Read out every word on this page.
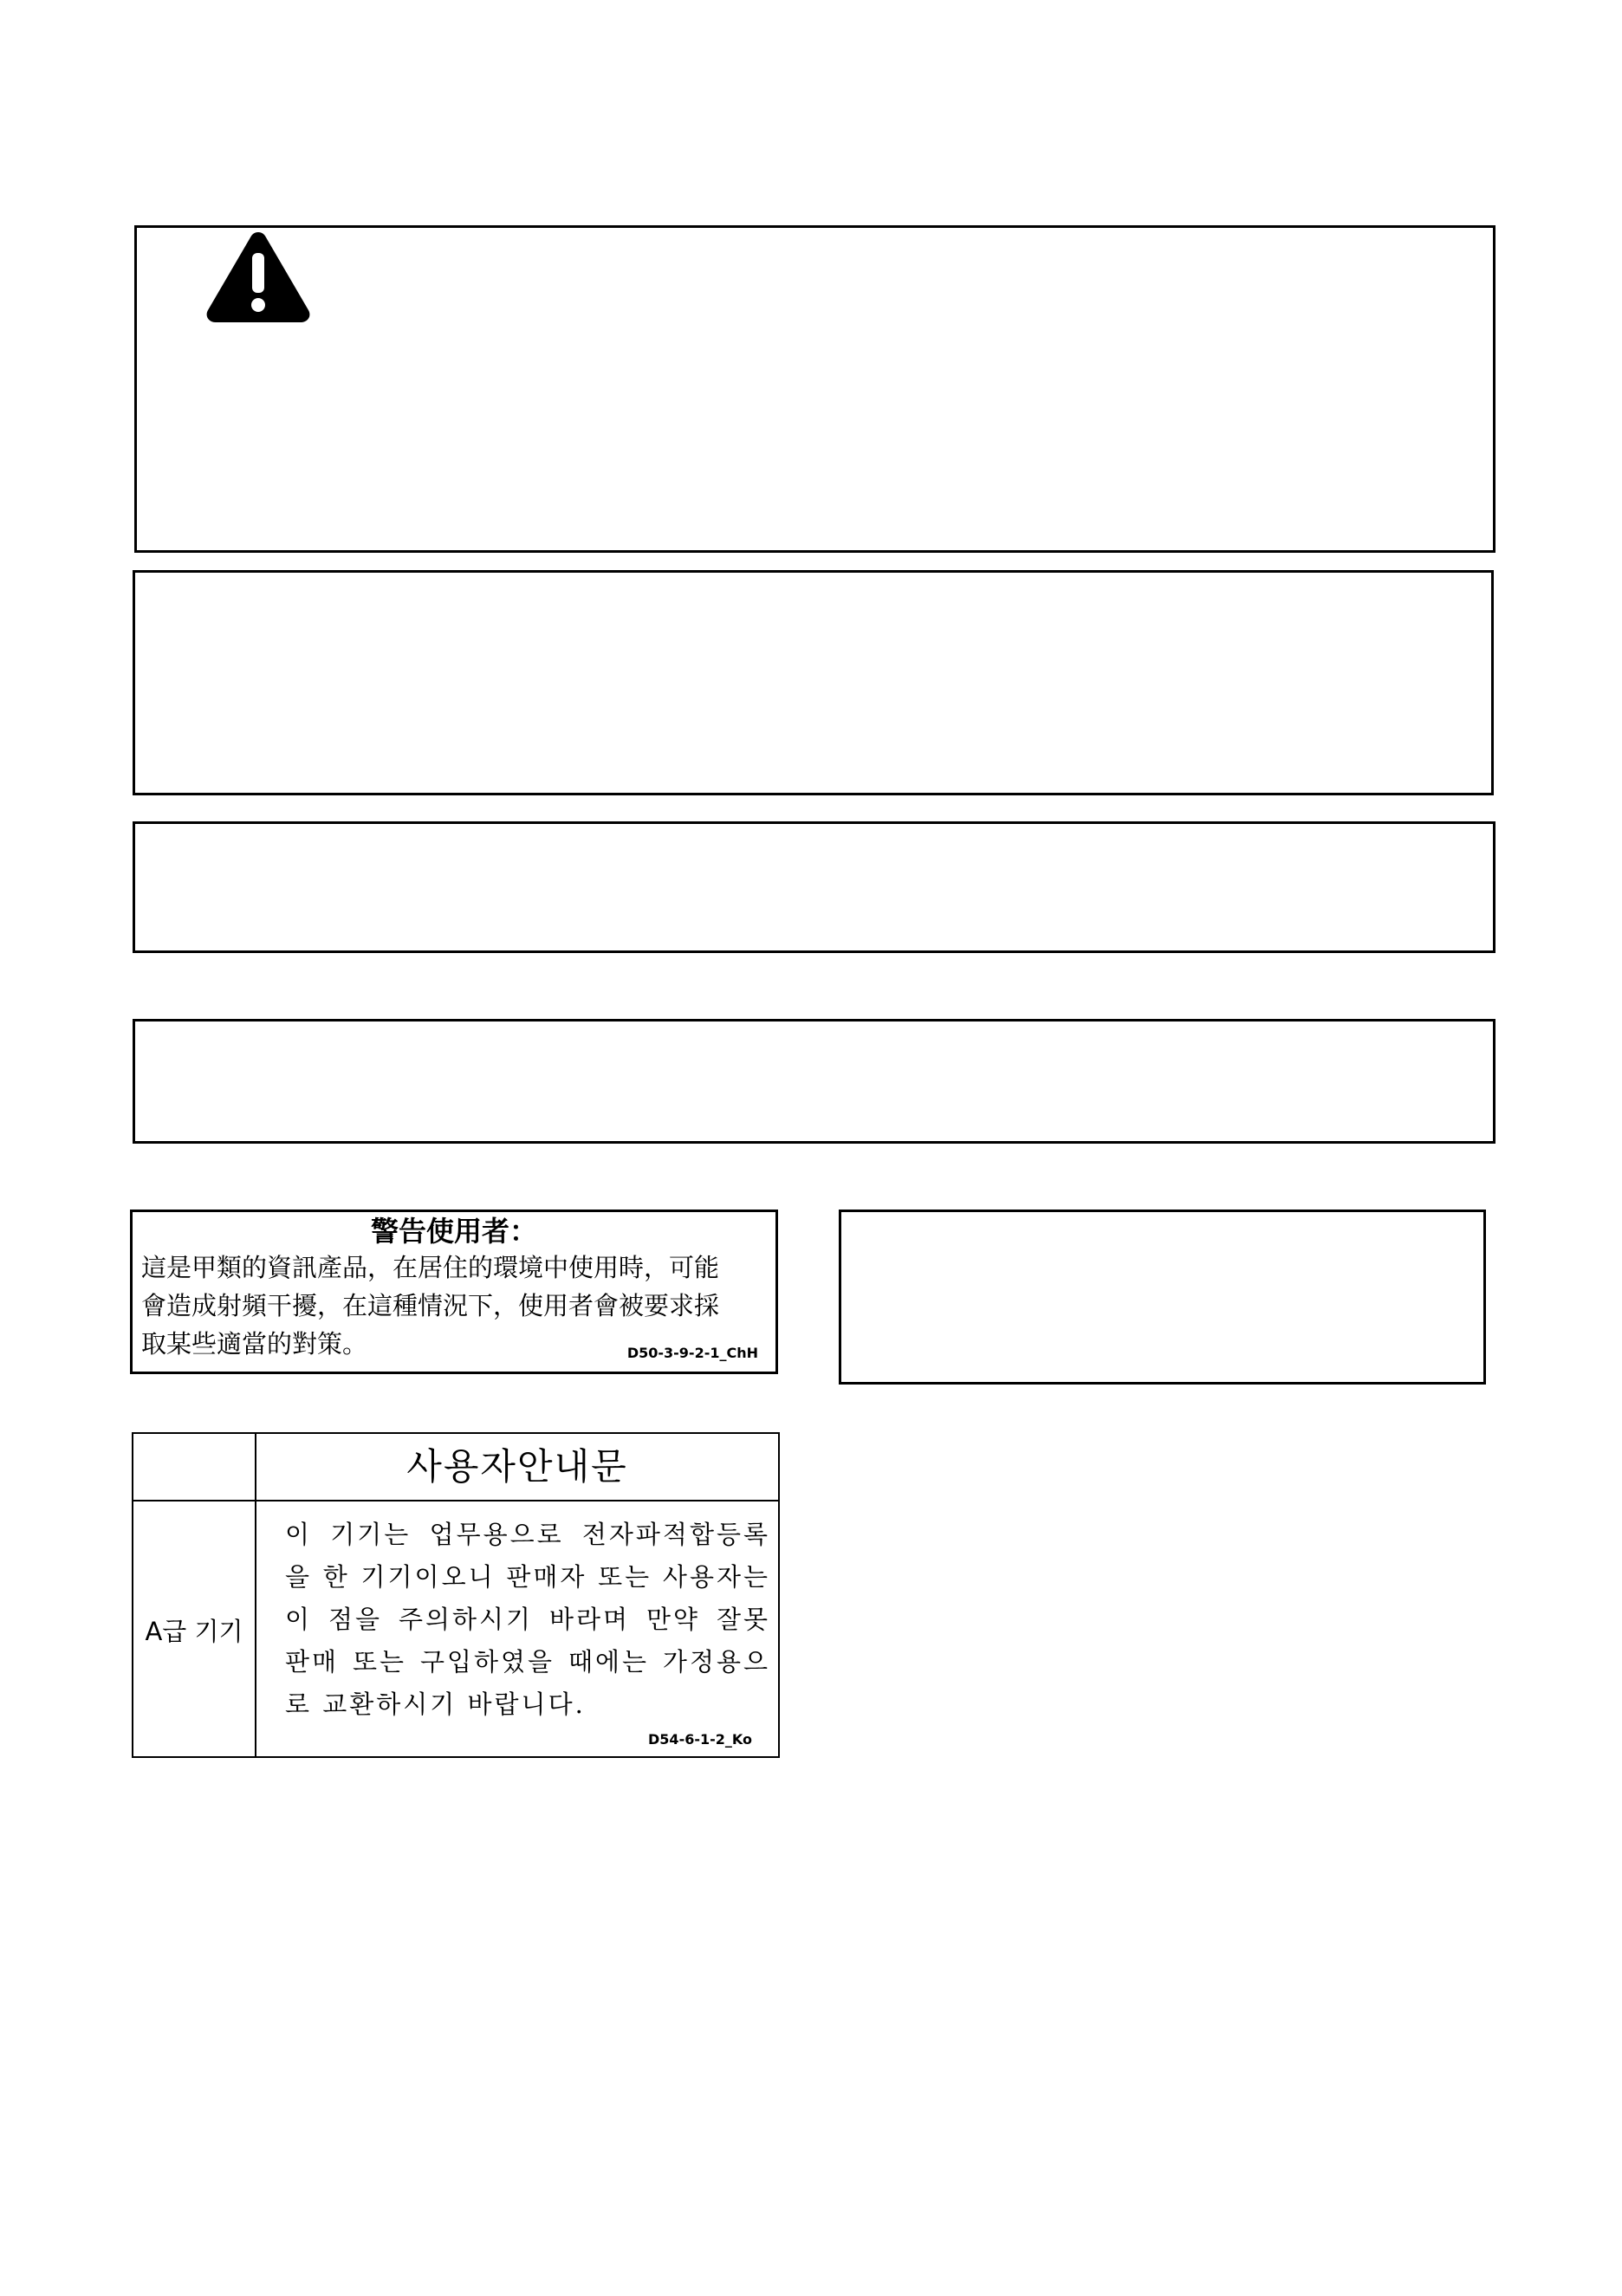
警告使用者：
這是甲類的資訊產品，在居住的環境中使用時，可能
會造成射頻干擾，在這種情況下，使用者會被要求採
取某些適當的對策。	D50-3-9-2-1_ChH
사용자안내문
A급 기기
이 기기는 업무용으로 전자파적합등록을 한 기기이오니 판매자 또는 사용자는 이 점을 주의하시기 바라며 만약 잘못 판매 또는 구입하였을 때에는 가정용으로 교환하시기 바랍니다.
D54-6-1-2_Ko
